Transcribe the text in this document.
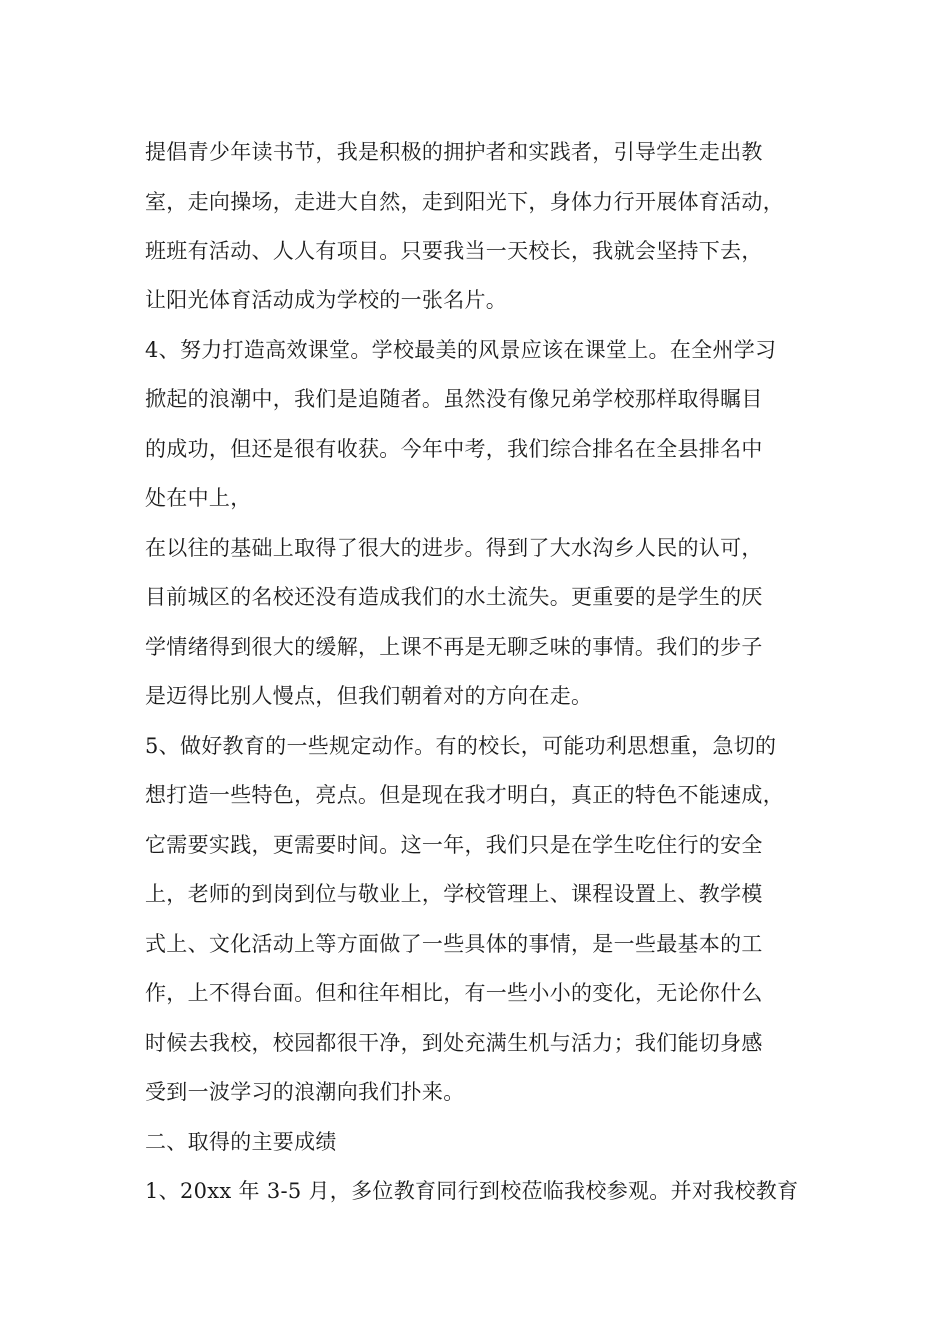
提倡青少年读书节，我是积极的拥护者和实践者，引导学生走出教
室，走向操场，走进大自然，走到阳光下，身体力行开展体育活动，
班班有活动、人人有项目。只要我当一天校长，我就会坚持下去，
让阳光体育活动成为学校的一张名片。
4、努力打造高效课堂。学校最美的风景应该在课堂上。在全州学习
掀起的浪潮中，我们是追随者。虽然没有像兄弟学校那样取得瞩目
的成功，但还是很有收获。今年中考，我们综合排名在全县排名中
处在中上，
在以往的基础上取得了很大的进步。得到了大水沟乡人民的认可，
目前城区的名校还没有造成我们的水土流失。更重要的是学生的厌
学情绪得到很大的缓解，上课不再是无聊乏味的事情。我们的步子
是迈得比别人慢点，但我们朝着对的方向在走。
5、做好教育的一些规定动作。有的校长，可能功利思想重，急切的
想打造一些特色，亮点。但是现在我才明白，真正的特色不能速成，
它需要实践，更需要时间。这一年，我们只是在学生吃住行的安全
上，老师的到岗到位与敬业上，学校管理上、课程设置上、教学模
式上、文化活动上等方面做了一些具体的事情，是一些最基本的工
作，上不得台面。但和往年相比，有一些小小的变化，无论你什么
时候去我校，校园都很干净，到处充满生机与活力；我们能切身感
受到一波学习的浪潮向我们扑来。
二、取得的主要成绩
1、20xx 年 3-5 月，多位教育同行到校莅临我校参观。并对我校教育
